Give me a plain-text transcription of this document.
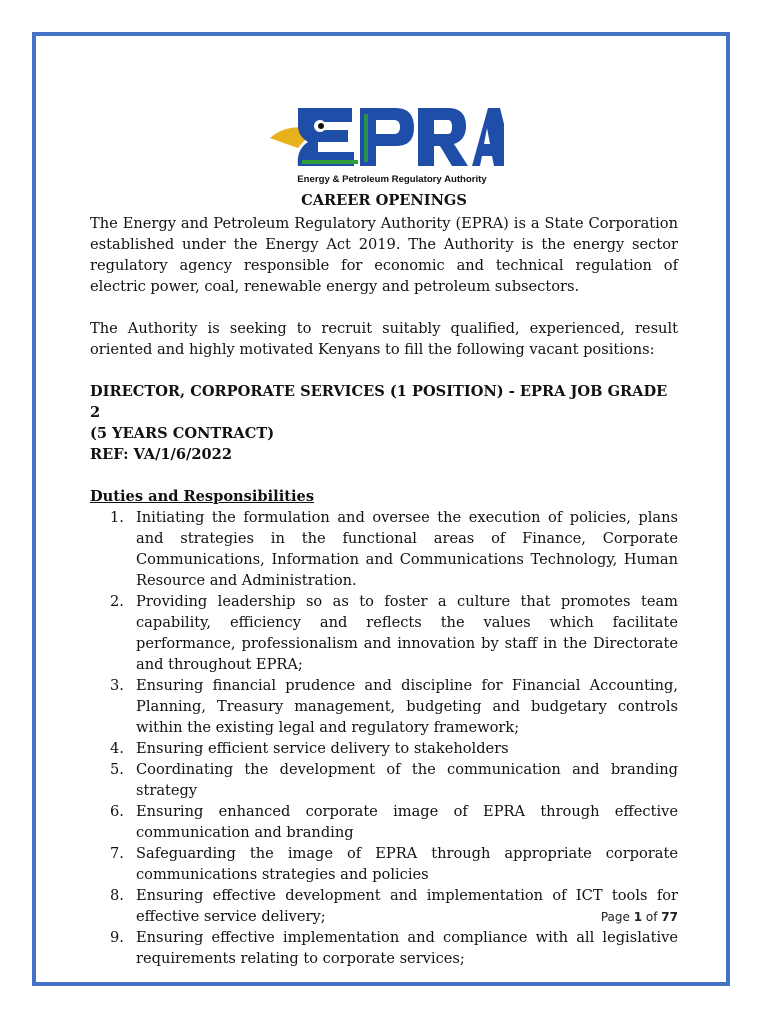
Energy & Petroleum Regulatory Authority
CAREER OPENINGS

The Energy and Petroleum Regulatory Authority (EPRA) is a State Corporation established under the Energy Act 2019. The Authority is the energy sector regulatory agency responsible for economic and technical regulation of electric power, coal, renewable energy and petroleum subsectors.

The Authority is seeking to recruit suitably qualified, experienced, result oriented and highly motivated Kenyans to fill the following vacant positions:

DIRECTOR, CORPORATE SERVICES (1 POSITION) - EPRA JOB GRADE 2
(5 YEARS CONTRACT)
REF: VA/1/6/2022
Duties and Responsibilities
1. Initiating the formulation and oversee the execution of policies, plans and strategies in the functional areas of Finance, Corporate Communications, Information and Communications Technology, Human Resource and Administration.
2. Providing leadership so as to foster a culture that promotes team capability, efficiency and reflects the values which facilitate performance, professionalism and innovation by staff in the Directorate and throughout EPRA;
3. Ensuring financial prudence and discipline for Financial Accounting, Planning, Treasury management, budgeting and budgetary controls within the existing legal and regulatory framework;
4. Ensuring efficient service delivery to stakeholders
5. Coordinating the development of the communication and branding strategy
6. Ensuring enhanced corporate image of EPRA through effective communication and branding
7. Safeguarding the image of EPRA through appropriate corporate communications strategies and policies
8. Ensuring effective development and implementation of ICT tools for effective service delivery;
9. Ensuring effective implementation and compliance with all legislative requirements relating to corporate services;
Page 1 of 77
